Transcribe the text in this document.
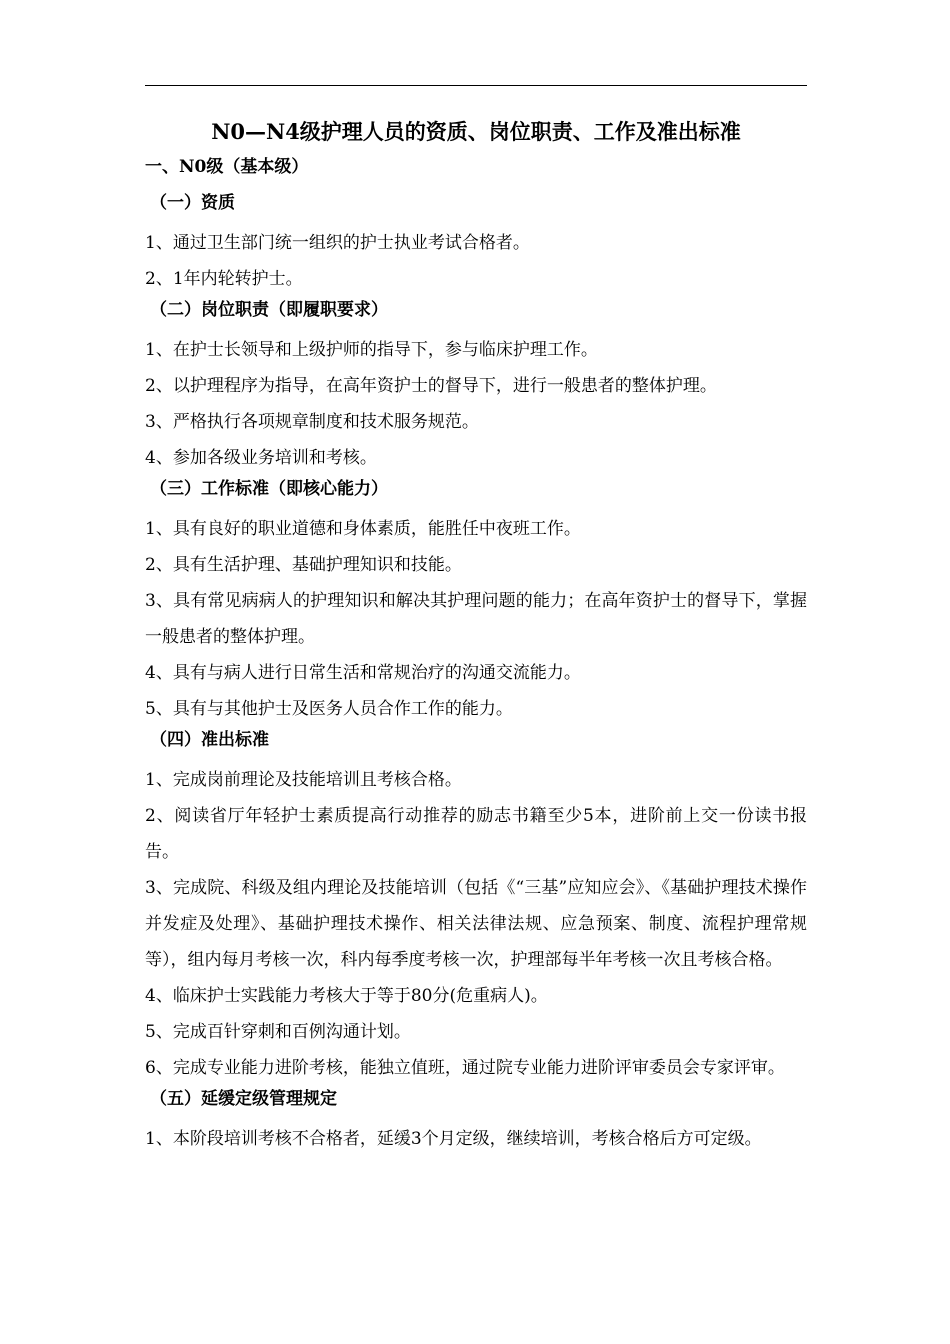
N0—N4级护理人员的资质、岗位职责、工作及准出标准
一、N0级（基本级）
（一）资质

1、通过卫生部门统一组织的护士执业考试合格者。

2、1年内轮转护士。

（二）岗位职责（即履职要求）

1、在护士长领导和上级护师的指导下，参与临床护理工作。

2、以护理程序为指导，在高年资护士的督导下，进行一般患者的整体护理。

3、严格执行各项规章制度和技术服务规范。

4、参加各级业务培训和考核。

（三）工作标准（即核心能力）

1、具有良好的职业道德和身体素质，能胜任中夜班工作。

2、具有生活护理、基础护理知识和技能。

3、具有常见病病人的护理知识和解决其护理问题的能力；在高年资护士的督导下，掌握一般患者的整体护理。

4、具有与病人进行日常生活和常规治疗的沟通交流能力。

5、具有与其他护士及医务人员合作工作的能力。

（四）准出标准

1、完成岗前理论及技能培训且考核合格。

2、阅读省厅年轻护士素质提高行动推荐的励志书籍至少5本，进阶前上交一份读书报告。

3、完成院、科级及组内理论及技能培训（包括《“三基”应知应会》、《基础护理技术操作并发症及处理》、基础护理技术操作、相关法律法规、应急预案、制度、流程护理常规等），组内每月考核一次，科内每季度考核一次，护理部每半年考核一次且考核合格。

4、临床护士实践能力考核大于等于80分(危重病人)。

5、完成百针穿刺和百例沟通计划。

6、完成专业能力进阶考核，能独立值班，通过院专业能力进阶评审委员会专家评审。

（五）延缓定级管理规定

1、本阶段培训考核不合格者，延缓3个月定级，继续培训，考核合格后方可定级。
